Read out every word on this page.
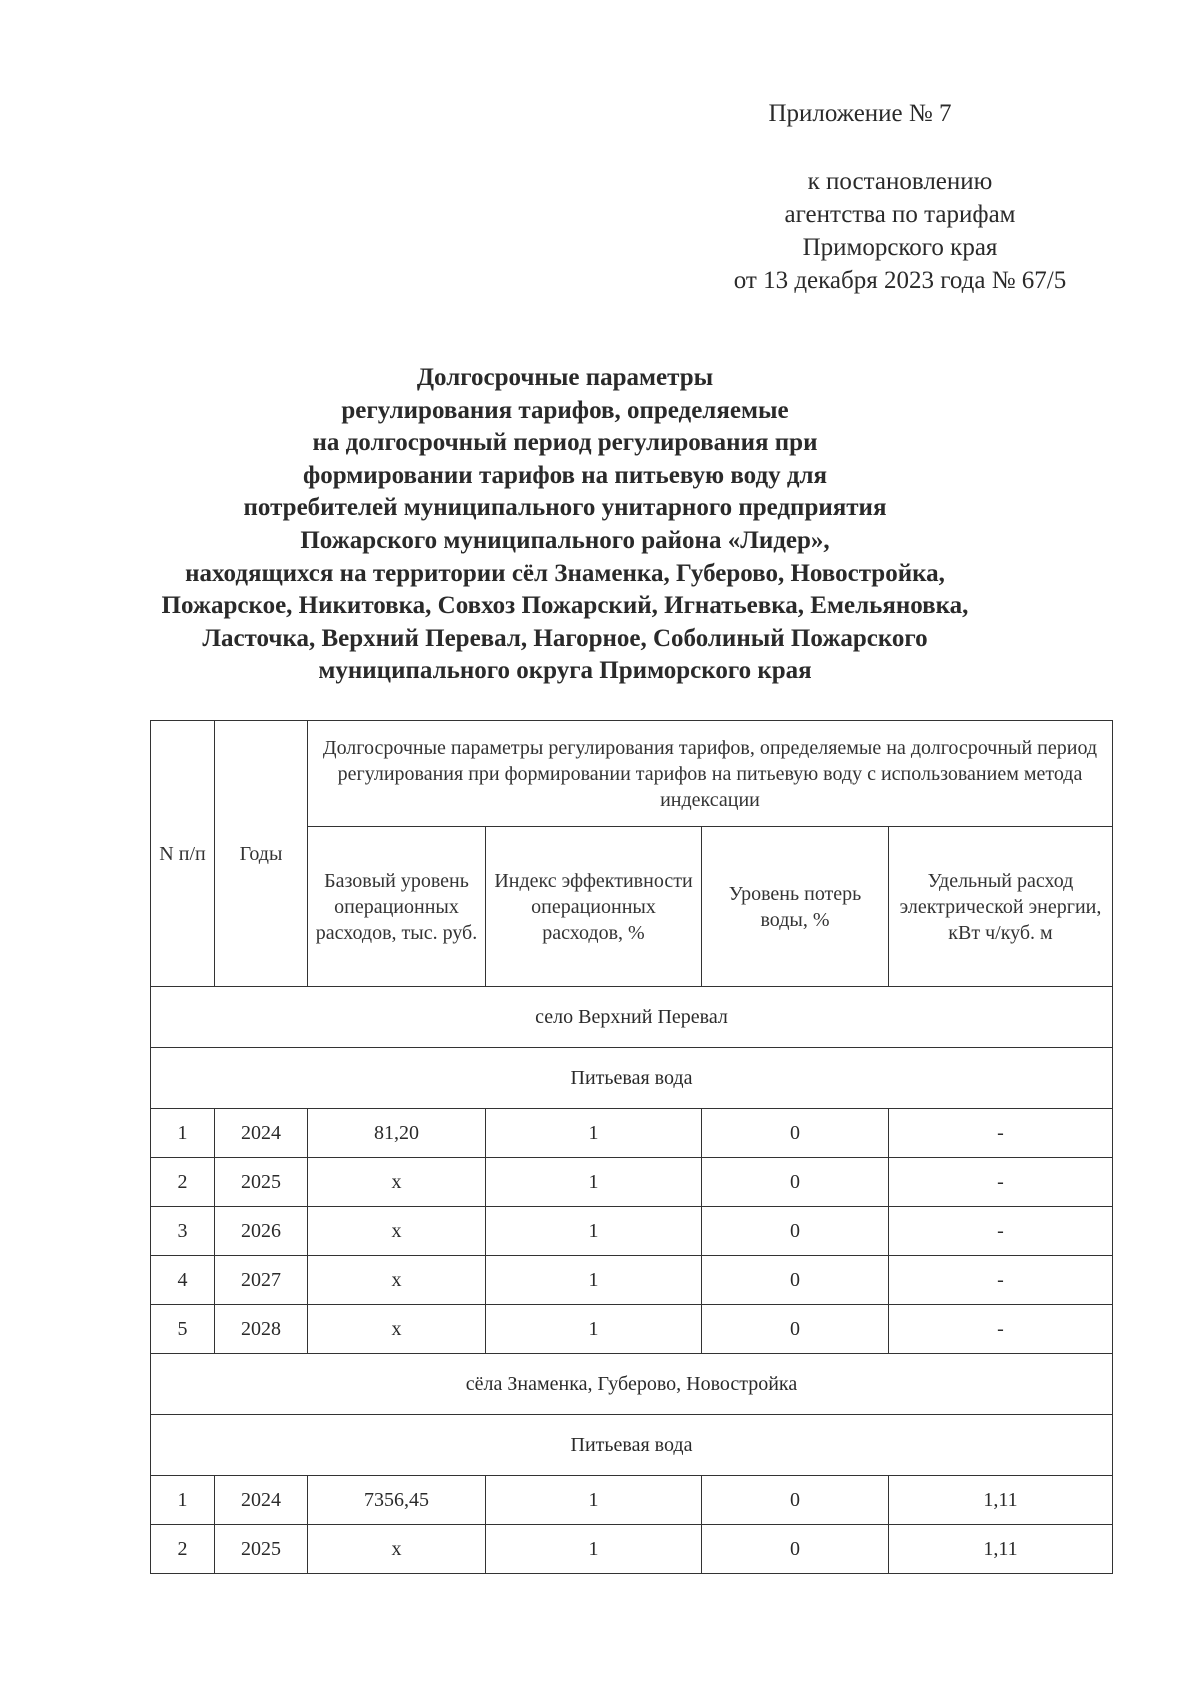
Приложение № 7
к постановлению
агентства по тарифам
Приморского края
от 13 декабря 2023 года № 67/5
Долгосрочные параметры
регулирования тарифов, определяемые
на долгосрочный период регулирования при
формировании тарифов на питьевую воду для
потребителей муниципального унитарного предприятия
Пожарского муниципального района «Лидер»,
находящихся на территории сёл Знаменка, Губерово, Новостройка,
Пожарское, Никитовка, Совхоз Пожарский, Игнатьевка, Емельяновка,
Ласточка, Верхний Перевал, Нагорное, Соболиный Пожарского
муниципального округа Приморского края
N п/п	Годы	Долгосрочные параметры регулирования тарифов, определяемые на долгосрочный период регулирования при формировании тарифов на питьевую воду с использованием метода индексации			
		Базовый уровень операционных расходов, тыс. руб.	Индекс эффективности операционных расходов, %	Уровень потерь воды, %	Удельный расход электрической энергии, кВт ч/куб. м
село Верхний Перевал					
Питьевая вода					
1	2024	81,20	1	0	-
2	2025	x	1	0	-
3	2026	x	1	0	-
4	2027	x	1	0	-
5	2028	x	1	0	-
сёла Знаменка, Губерово, Новостройка					
Питьевая вода					
1	2024	7356,45	1	0	1,11
2	2025	x	1	0	1,11
